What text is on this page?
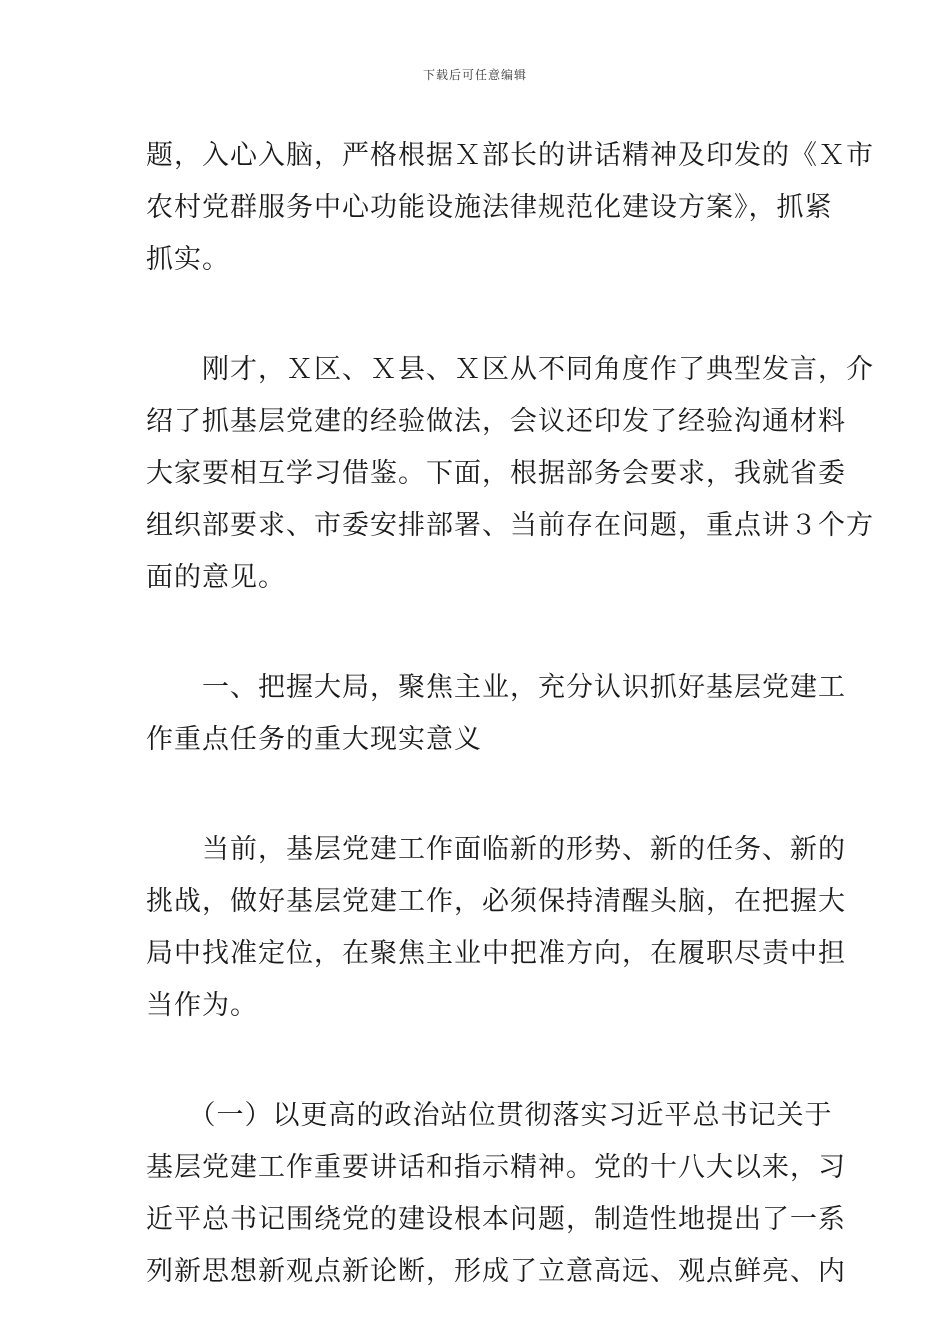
下载后可任意编辑

题，入心入脑，严格根据Ｘ部长的讲话精神及印发的《Ｘ市
农村党群服务中心功能设施法律规范化建设方案》，抓紧
抓实。

　　刚才，Ｘ区、Ｘ县、Ｘ区从不同角度作了典型发言，介
绍了抓基层党建的经验做法，会议还印发了经验沟通材料
大家要相互学习借鉴。下面，根据部务会要求，我就省委
组织部要求、市委安排部署、当前存在问题，重点讲３个方
面的意见。

　　一、把握大局，聚焦主业，充分认识抓好基层党建工
作重点任务的重大现实意义

　　当前，基层党建工作面临新的形势、新的任务、新的
挑战，做好基层党建工作，必须保持清醒头脑，在把握大
局中找准定位，在聚焦主业中把准方向，在履职尽责中担
当作为。

　　（一）以更高的政治站位贯彻落实习近平总书记关于
基层党建工作重要讲话和指示精神。党的十八大以来，习
近平总书记围绕党的建设根本问题，制造性地提出了一系
列新思想新观点新论断，形成了立意高远、观点鲜亮、内
